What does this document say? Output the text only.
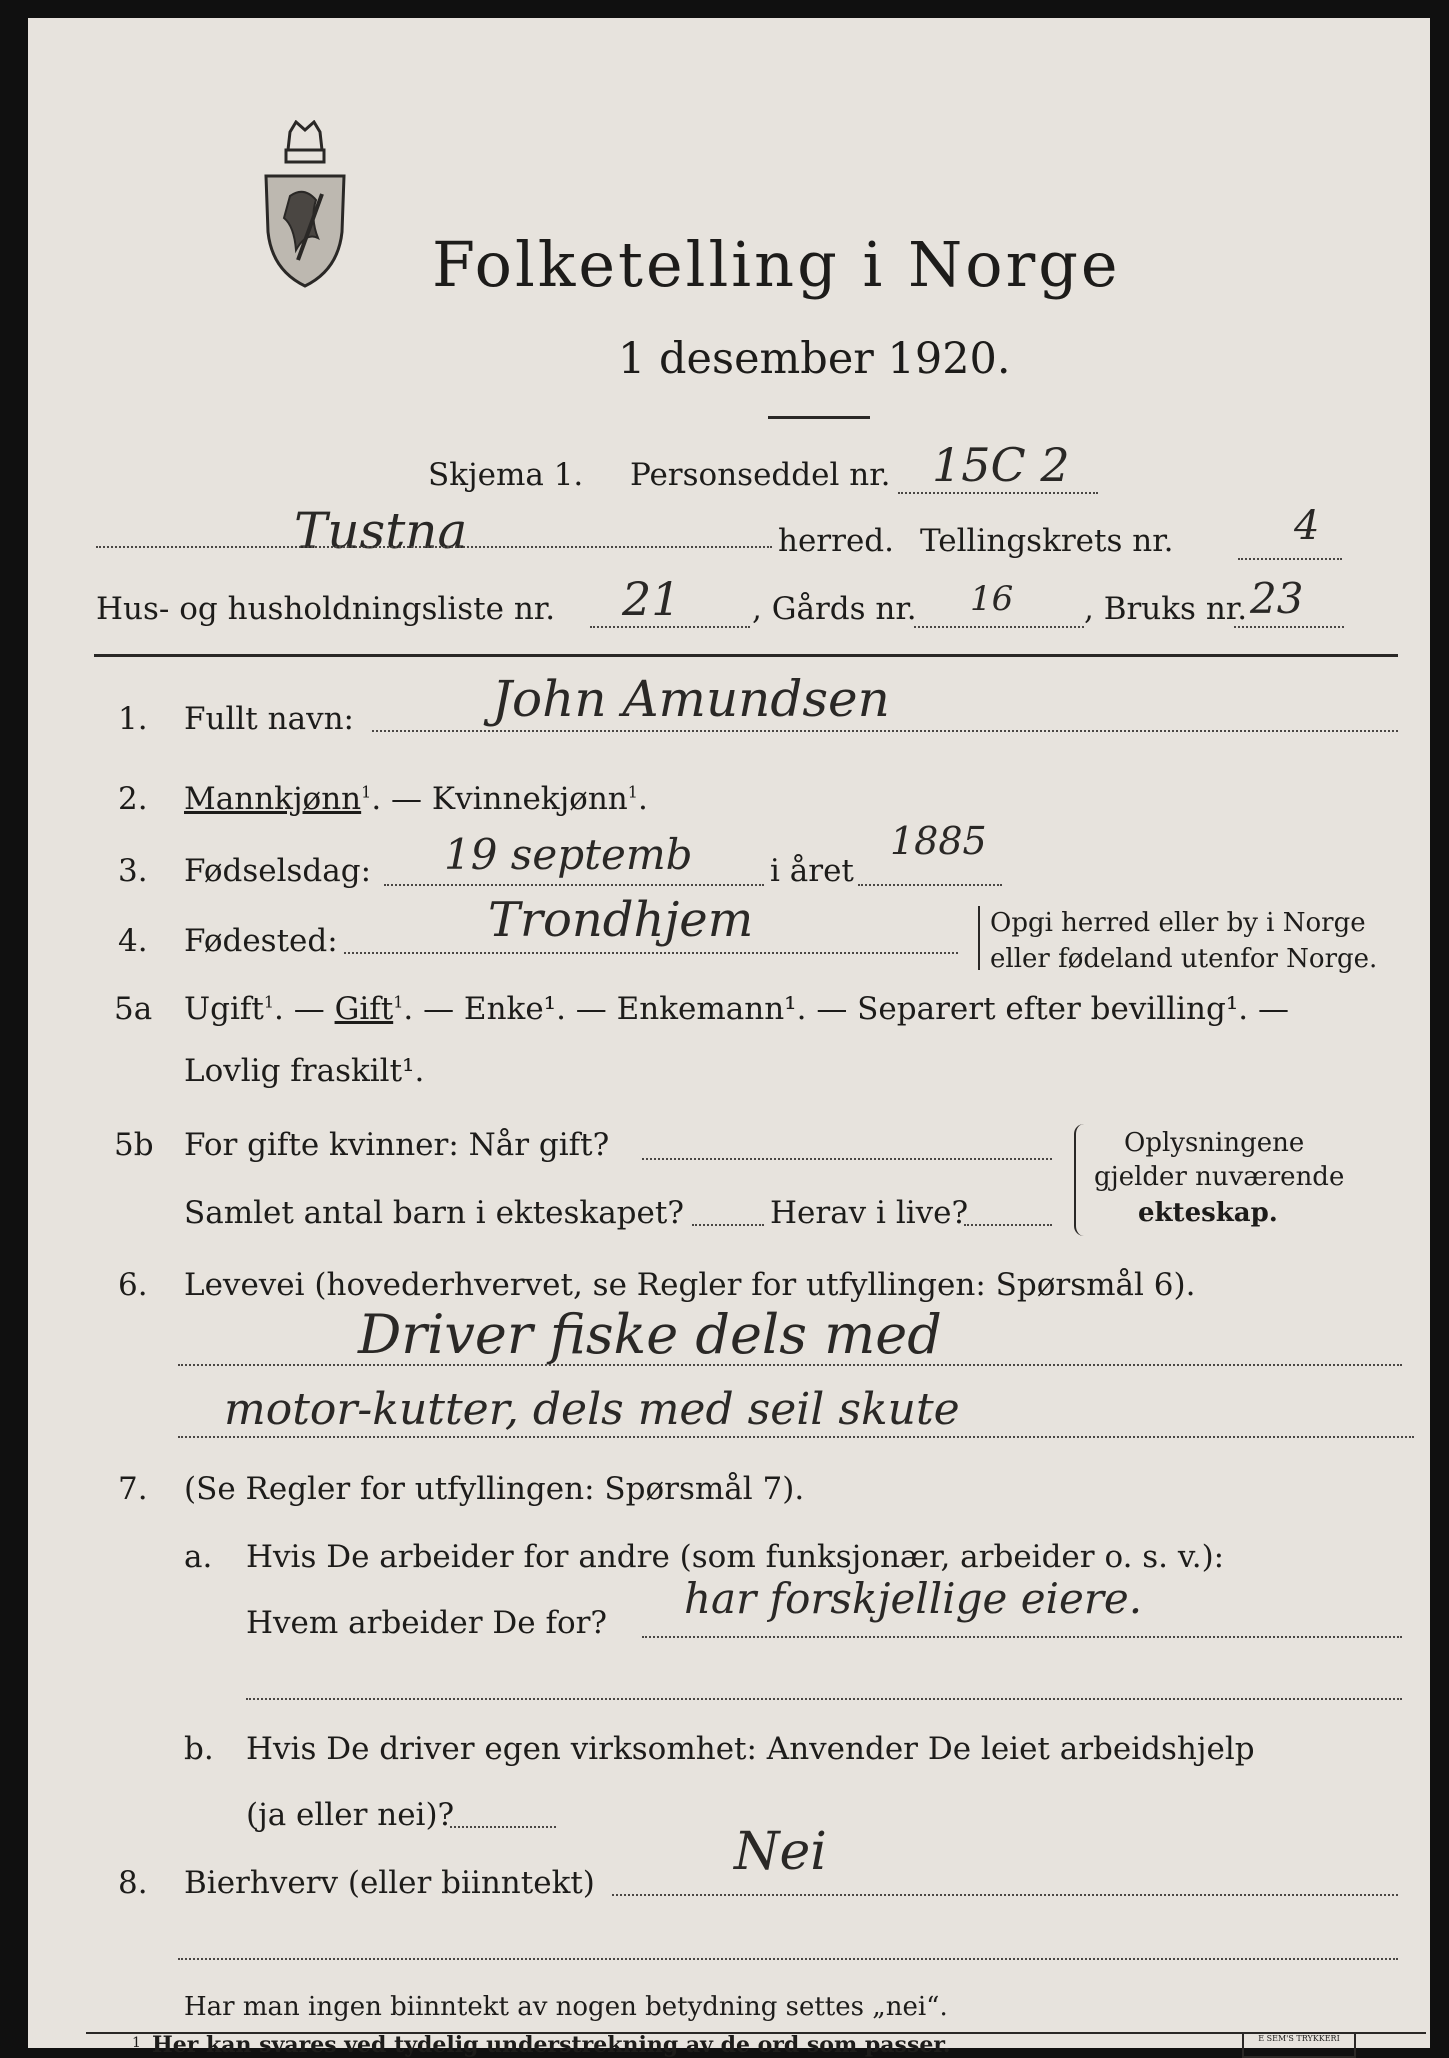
Folketelling i Norge
1 desember 1920.
Skjema 1. Personseddel nr. 15C 2
Tustna	herred. Tellingskrets nr.	4
Hus- og husholdningsliste nr. 21 , Gårds nr. 16 , Bruks nr. 23
1. Fullt navn:	John Amundsen
2. Mannkjønn$^1$. — Kvinnekjønn$^1$.
3. Fødselsdag: 19 septemb i året
1885
4. Fødested:	Trondhjem	Opgi herred eller by i Norge
eller fødeland utenfor Norge.
5a Ugift$^1$. — Gift$^1$. — Enke¹. — Enkemann¹. — Separert efter bevilling¹. —
Lovlig fraskilt¹.
5b For gifte kvinner: Når gift?
Samlet antal barn i ekteskapet?	Herav i live?
Oplysningene
gjelder nuværende
ekteskap.
6. Levevei (hovederhvervet, se Regler for utfyllingen: Spørsmål 6).
Driver fiske dels med
motor-kutter, dels med seil skute
7. (Se Regler for utfyllingen: Spørsmål 7).
a. Hvis De arbeider for andre (som funksjonær, arbeider o. s. v.):
Hvem arbeider De for? har forskjellige eiere.
b. Hvis De driver egen virksomhet: Anvender De leiet arbeidshjelp
(ja eller nei)?
8. Bierhverv (eller biinntekt)
Nei
Har man ingen biinntekt av nogen betydning settes „nei“.
1 Her kan svares ved tydelig understrekning av de ord som passer.	E SEM'S TRYKKERI
